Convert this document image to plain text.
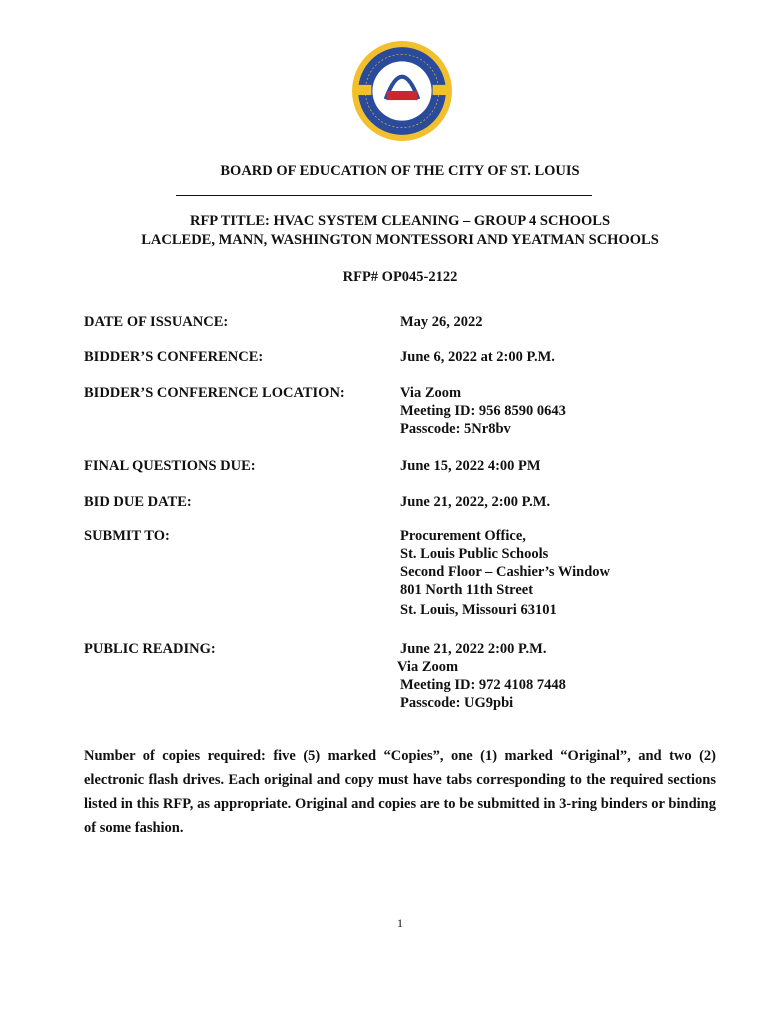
BOARD OF EDUCATION OF THE CITY OF ST. LOUIS
RFP TITLE: HVAC SYSTEM CLEANING – GROUP 4 SCHOOLS
LACLEDE, MANN, WASHINGTON MONTESSORI AND YEATMAN SCHOOLS
RFP# OP045-2122
DATE OF ISSUANCE:	May 26, 2022
BIDDER’S CONFERENCE:	June 6, 2022 at 2:00 P.M.
BIDDER’S CONFERENCE LOCATION:	Via Zoom
Meeting ID: 956 8590 0643
Passcode: 5Nr8bv
FINAL QUESTIONS DUE:	June 15, 2022 4:00 PM
BID DUE DATE:	June 21, 2022, 2:00 P.M.
SUBMIT TO:	Procurement Office,
St. Louis Public Schools
Second Floor – Cashier’s Window
801 North 11th Street
St. Louis, Missouri 63101
PUBLIC READING:	June 21, 2022 2:00 P.M.
Via Zoom
Meeting ID: 972 4108 7448
Passcode: UG9pbi
Number of copies required: five (5) marked “Copies”, one (1) marked “Original”, and two (2) electronic flash drives. Each original and copy must have tabs corresponding to the required sections listed in this RFP, as appropriate. Original and copies are to be submitted in 3-ring binders or binding of some fashion.
1
